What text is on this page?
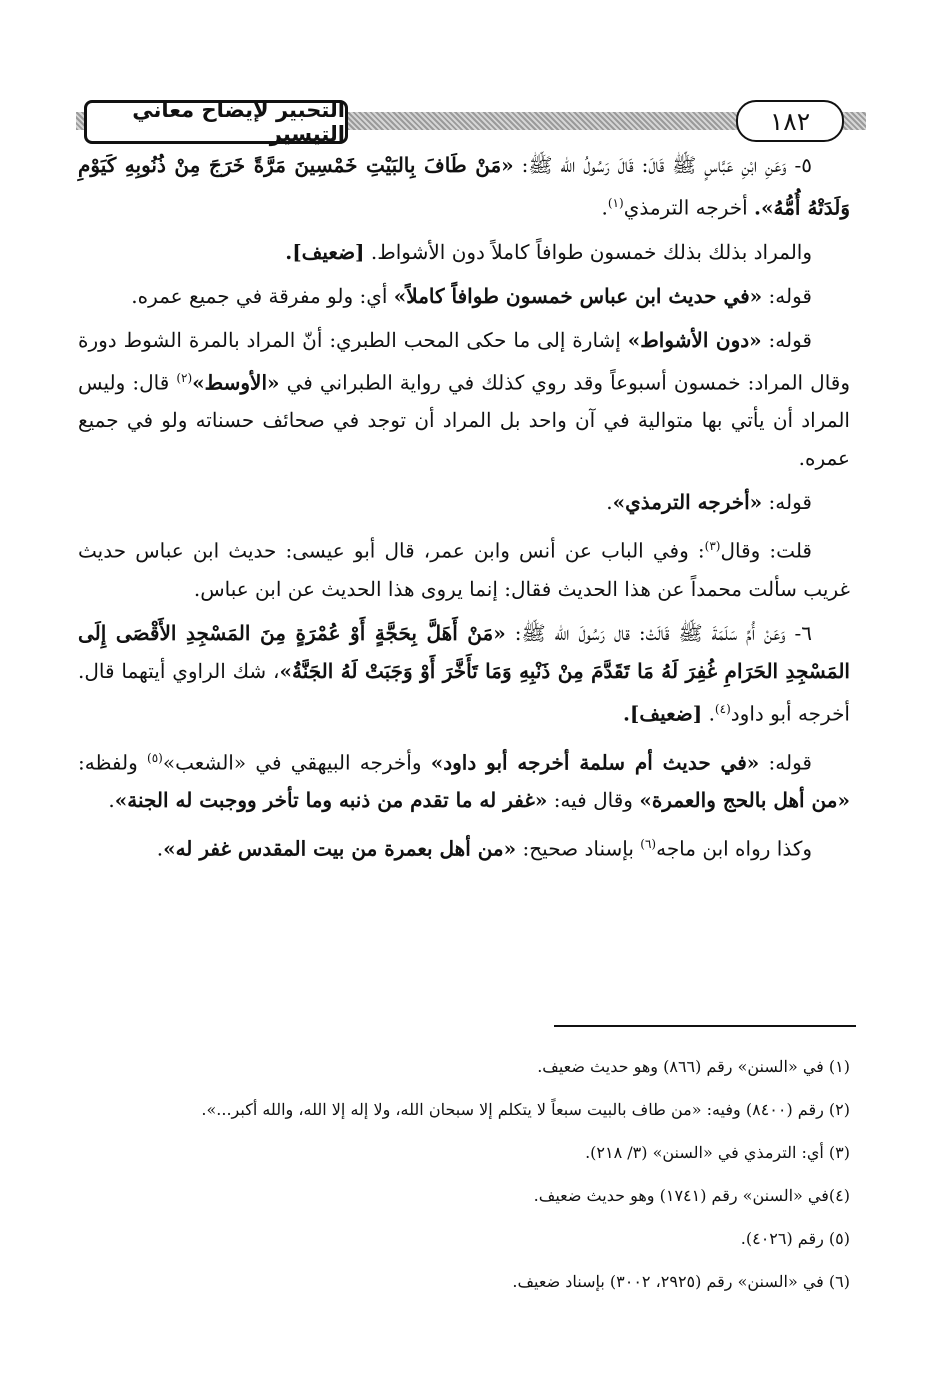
التحبير لإيضاح معاني التيسير	١٨٢

٥- وَعَنِ ابْنِ عَبَّاسٍ ﷺ قَالَ: قَالَ رَسُولُ الله ﷺ: «مَنْ طَافَ بِالبَيْتِ خَمْسِينَ مَرَّةً خَرَجَ مِنْ ذُنُوبِهِ كَيَوْمِ وَلَدَتْهُ أُمُّهُ». أخرجه الترمذي$^{(١)}$.

والمراد بذلك بذلك خمسون طوافاً كاملاً دون الأشواط. [ضعيف].

قوله: «في حديث ابن عباس خمسون طوافاً كاملاً» أي: ولو مفرقة في جميع عمره.

قوله: «دون الأشواط» إشارة إلى ما حكى المحب الطبري: أنّ المراد بالمرة الشوط دورة وقال المراد: خمسون أسبوعاً وقد روي كذلك في رواية الطبراني في «الأوسط»$^{(٢)}$ قال: وليس المراد أن يأتي بها متوالية في آن واحد بل المراد أن توجد في صحائف حسناته ولو في جميع عمره.

قوله: «أخرجه الترمذي».

قلت: وقال$^{(٣)}$: وفي الباب عن أنس وابن عمر، قال أبو عيسى: حديث ابن عباس حديث غريب سألت محمداً عن هذا الحديث فقال: إنما يروى هذا الحديث عن ابن عباس.

٦- وَعَنْ أُمِّ سَلَمَةَ ﷺ قَالَتْ: قال رَسُولَ الله ﷺ: «مَنْ أَهَلَّ بِحَجَّةٍ أَوْ عُمْرَةٍ مِنَ المَسْجِدِ الأَقْصَى إِلَى المَسْجِدِ الحَرَامِ غُفِرَ لَهُ مَا تَقَدَّمَ مِنْ ذَنْبِهِ وَمَا تَأَخَّرَ أَوْ وَجَبَتْ لَهُ الجَنَّةُ»، شك الراوي أيتهما قال. أخرجه أبو داود$^{(٤)}$. [ضعيف].

قوله: «في حديث أم سلمة أخرجه أبو داود» وأخرجه البيهقي في «الشعب»$^{(٥)}$ ولفظه: «من أهل بالحج والعمرة» وقال فيه: «غفر له ما تقدم من ذنبه وما تأخر ووجبت له الجنة».

وكذا رواه ابن ماجه$^{(٦)}$ بإسناد صحيح: «من أهل بعمرة من بيت المقدس غفر له».

(١) في «السنن» رقم (٨٦٦) وهو حديث ضعيف.

(٢) رقم (٨٤٠٠) وفيه: «من طاف بالبيت سبعاً لا يتكلم إلا سبحان الله، ولا إله إلا الله، والله أكبر...».

(٣) أي: الترمذي في «السنن» (٣/ ٢١٨).

(٤)في «السنن» رقم (١٧٤١) وهو حديث ضعيف.

(٥) رقم (٤٠٢٦).

(٦) في «السنن» رقم (٢٩٢٥، ٣٠٠٢) بإسناد ضعيف.
